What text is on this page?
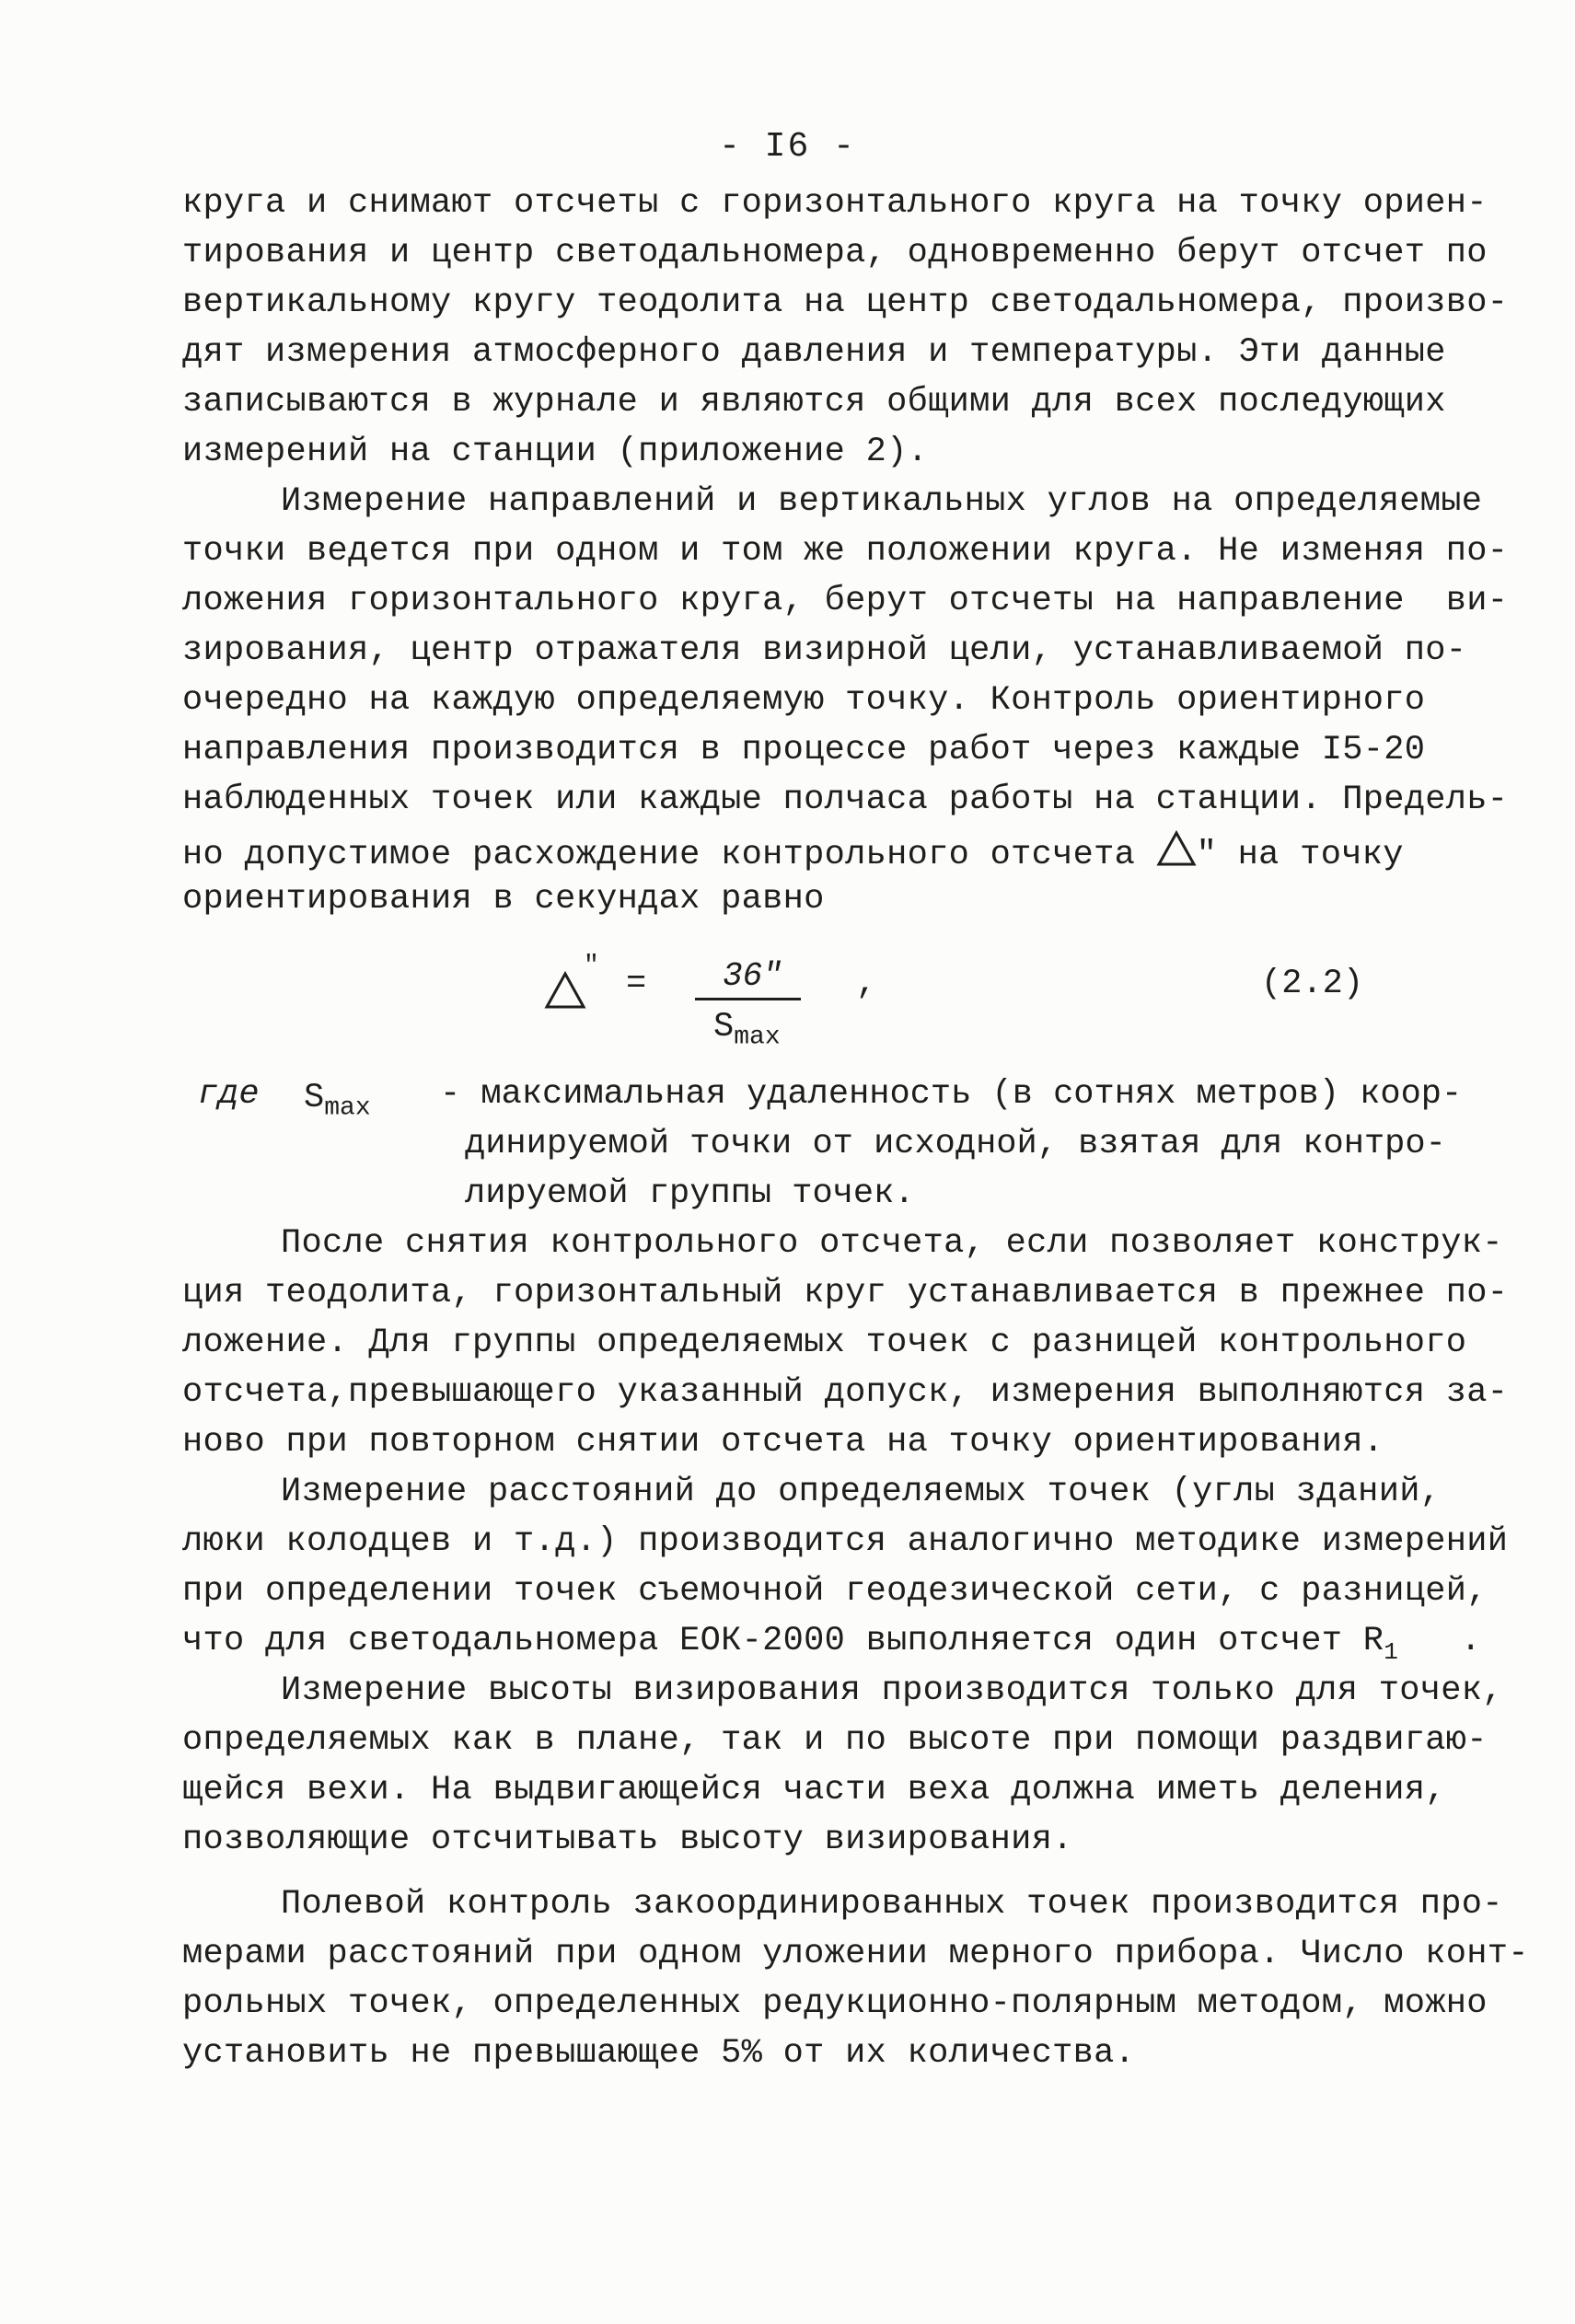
- I6 -
круга и снимают отсчеты с горизонтального круга на точку ориен-
тирования и центр светодальномера, одновременно берут отсчет по
вертикальному кругу теодолита на центр светодальномера, произво-
дят измерения атмосферного давления и температуры. Эти данные
записываются в журнале и являются общими для всех последующих
измерений на станции (приложение 2).
Измерение направлений и вертикальных углов на определяемые
точки ведется при одном и том же положении круга. Не изменяя по-
ложения горизонтального круга, берут отсчеты на направление  ви-
зирования, центр отражателя визирной цели, устанавливаемой по-
очередно на каждую определяемую точку. Контроль ориентирного
направления производится в процессе работ через каждые I5-20
наблюденных точек или каждые полчаса работы на станции. Предель-
но допустимое расхождение контрольного отсчета " на точку
ориентирования в секундах равно
" = 36"
$S_{max}$
,	(2.2)
где $S_{max}$ - максимальная удаленность (в сотнях метров) коор-
динируемой точки от исходной, взятая для контро-
лируемой группы точек.
После снятия контрольного отсчета, если позволяет конструк-
ция теодолита, горизонтальный круг устанавливается в прежнее по-
ложение. Для группы определяемых точек с разницей контрольного
отсчета,превышающего указанный допуск, измерения выполняются за-
ново при повторном снятии отсчета на точку ориентирования.
Измерение расстояний до определяемых точек (углы зданий,
люки колодцев и т.д.) производится аналогично методике измерений
при определении точек съемочной геодезической сети, с разницей,
что для светодальномера ЕОК-2000 выполняется один отсчет $R_1$   .
Измерение высоты визирования производится только для точек,
определяемых как в плане, так и по высоте при помощи раздвигаю-
щейся вехи. На выдвигающейся части веха должна иметь деления,
позволяющие отсчитывать высоту визирования.
Полевой контроль закоординированных точек производится про-
мерами расстояний при одном уложении мерного прибора. Число конт-
рольных точек, определенных редукционно-полярным методом, можно
установить не превышающее 5% от их количества.
